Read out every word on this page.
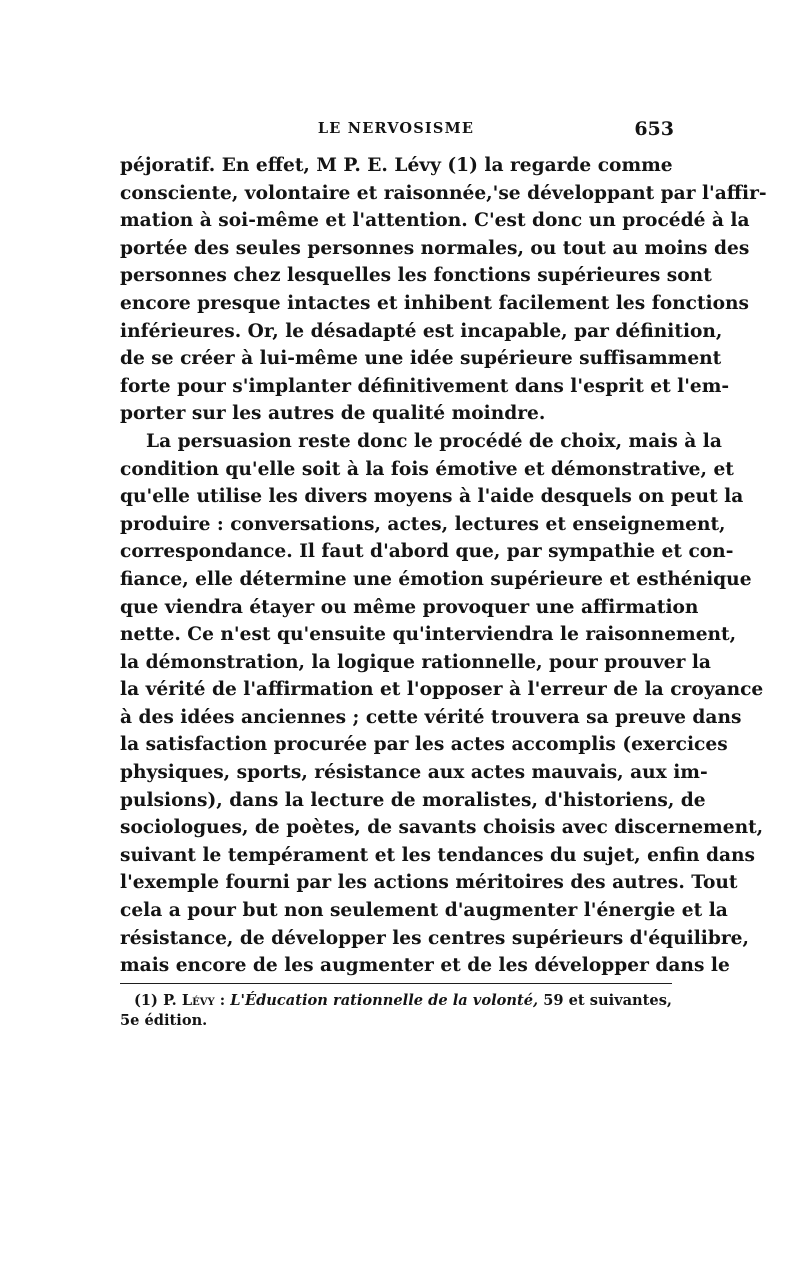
LE NERVOSISME	653
péjoratif. En effet, M P. E. Lévy (1) la regarde comme
consciente, volontaire et raisonnée,'se développant par l'affir-
mation à soi-même et l'attention. C'est donc un procédé à la
portée des seules personnes normales, ou tout au moins des
personnes chez lesquelles les fonctions supérieures sont
encore presque intactes et inhibent facilement les fonctions
inférieures. Or, le désadapté est incapable, par définition,
de se créer à lui-même une idée supérieure suffisamment
forte pour s'implanter définitivement dans l'esprit et l'em-
porter sur les autres de qualité moindre.
La persuasion reste donc le procédé de choix, mais à la
condition qu'elle soit à la fois émotive et démonstrative, et
qu'elle utilise les divers moyens à l'aide desquels on peut la
produire : conversations, actes, lectures et enseignement,
correspondance. Il faut d'abord que, par sympathie et con-
fiance, elle détermine une émotion supérieure et esthénique
que viendra étayer ou même provoquer une affirmation
nette. Ce n'est qu'ensuite qu'interviendra le raisonnement,
la démonstration, la logique rationnelle, pour prouver la
la vérité de l'affirmation et l'opposer à l'erreur de la croyance
à des idées anciennes ; cette vérité trouvera sa preuve dans
la satisfaction procurée par les actes accomplis (exercices
physiques, sports, résistance aux actes mauvais, aux im-
pulsions), dans la lecture de moralistes, d'historiens, de
sociologues, de poètes, de savants choisis avec discernement,
suivant le tempérament et les tendances du sujet, enfin dans
l'exemple fourni par les actions méritoires des autres. Tout
cela a pour but non seulement d'augmenter l'énergie et la
résistance, de développer les centres supérieurs d'équilibre,
mais encore de les augmenter et de les développer dans le
(1) P. Lévy : L'Éducation rationnelle de la volonté, 59 et suivantes,
5e édition.
